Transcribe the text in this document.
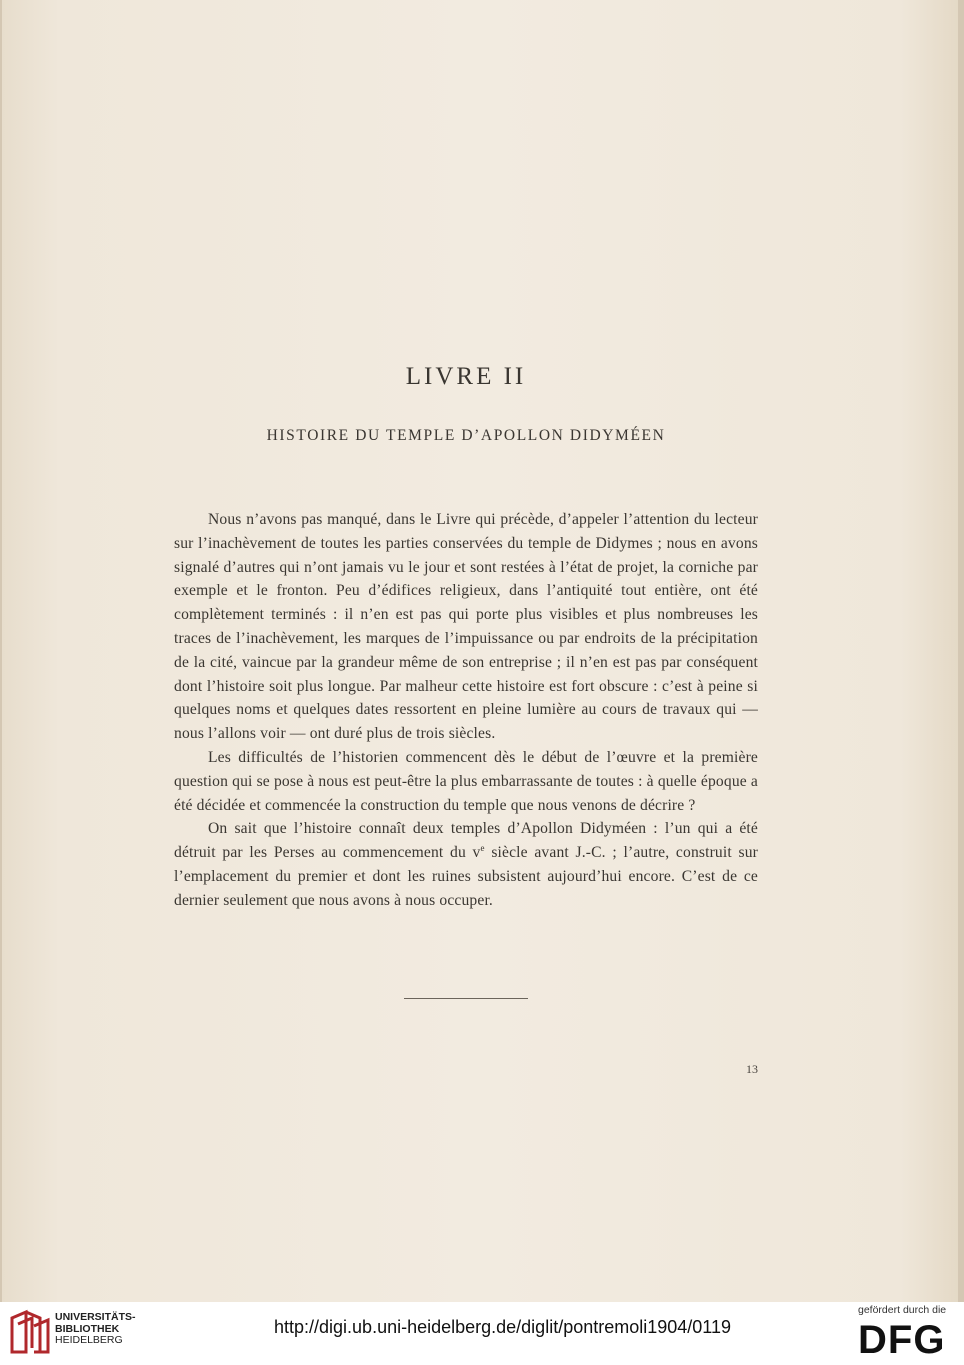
LIVRE II
HISTOIRE DU TEMPLE D’APOLLON DIDYMÉEN

Nous n’avons pas manqué, dans le Livre qui précède, d’appeler l’attention du lecteur sur l’inachèvement de toutes les parties conservées du temple de Didymes ; nous en avons signalé d’autres qui n’ont jamais vu le jour et sont restées à l’état de projet, la corniche par exemple et le fronton. Peu d’édifices religieux, dans l’antiquité tout entière, ont été complètement terminés : il n’en est pas qui porte plus visibles et plus nombreuses les traces de l’inachèvement, les marques de l’impuissance ou par endroits de la précipitation de la cité, vaincue par la grandeur même de son entreprise ; il n’en est pas par conséquent dont l’histoire soit plus longue. Par malheur cette histoire est fort obscure : c’est à peine si quelques noms et quelques dates ressortent en pleine lumière au cours de travaux qui — nous l’allons voir — ont duré plus de trois siècles.

Les difficultés de l’historien commencent dès le début de l’œuvre et la première question qui se pose à nous est peut-être la plus embarrassante de toutes : à quelle époque a été décidée et commencée la construction du temple que nous venons de décrire ?

On sait que l’histoire connaît deux temples d’Apollon Didyméen : l’un qui a été détruit par les Perses au commencement du $v^e$ siècle avant J.-C. ; l’autre, construit sur l’emplacement du premier et dont les ruines subsistent aujourd’hui encore. C’est de ce dernier seulement que nous avons à nous occuper.

13
UNIVERSITÄTS-
BIBLIOTHEK
HEIDELBERG
http://digi.ub.uni-heidelberg.de/diglit/pontremoli1904/0119
gefördert durch die
DFG
